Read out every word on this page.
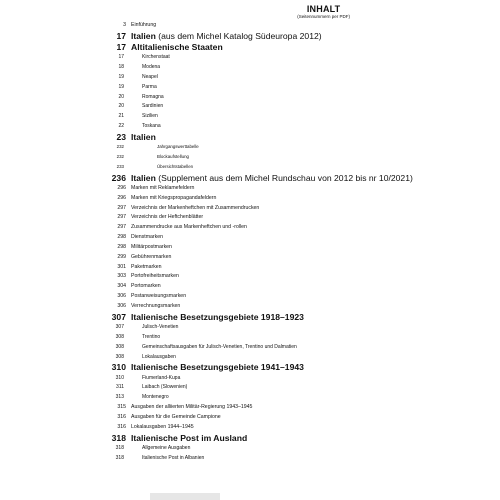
INHALT
(Seitennummern per PDF)
3 Einführung
17 Italien (aus dem Michel Katalog Südeuropa 2012)
17 Altitalienische Staaten
17	Kirchenstaat
18	Modena
19	Neapel
19	Parma
20	Romagna
20	Sardinien
21	Sizilien
22	Toskana
23 Italien
232	Jahrgangswerttabelle
232	Blockaufstellung
233	Übersichtstabellen
236 Italien (Supplement aus dem Michel Rundschau von 2012 bis nr 10/2021)
296 Marken mit Reklamefeldern
296 Marken mit Kriegspropagandafeldern
297 Verzeichnis der Markenheftchen mit Zusammendrucken
297 Verzeichnis der Heftchenblätter
297 Zusammendrucke aus Markenheftchen und -rollen
298 Dienstmarken
298 Militärpostmarken
299 Gebührenmarken
301 Paketmarken
303 Portofreiheitsmarken
304 Portomarken
306 Postanweisungsmarken
306 Verrechnungsmarken
307 Italienische Besetzungsgebiete 1918–1923
307	Julisch-Venetien
308	Trentino
308	Gemeinschaftsausgaben für Julisch-Venetien, Trentino und Dalmatien
308	Lokalausgaben
310 Italienische Besetzungsgebiete 1941–1943
310	Fiumerland-Kupa
311	Laibach (Slowenien)
313	Montenegro
315 Ausgaben der alliierten Militär-Regierung 1943–1945
316 Ausgaben für die Gemeinde Campione
316 Lokalausgaben 1944–1945
318 Italienische Post im Ausland
318	Allgemeine Ausgaben
318	Italienische Post in Albanien
